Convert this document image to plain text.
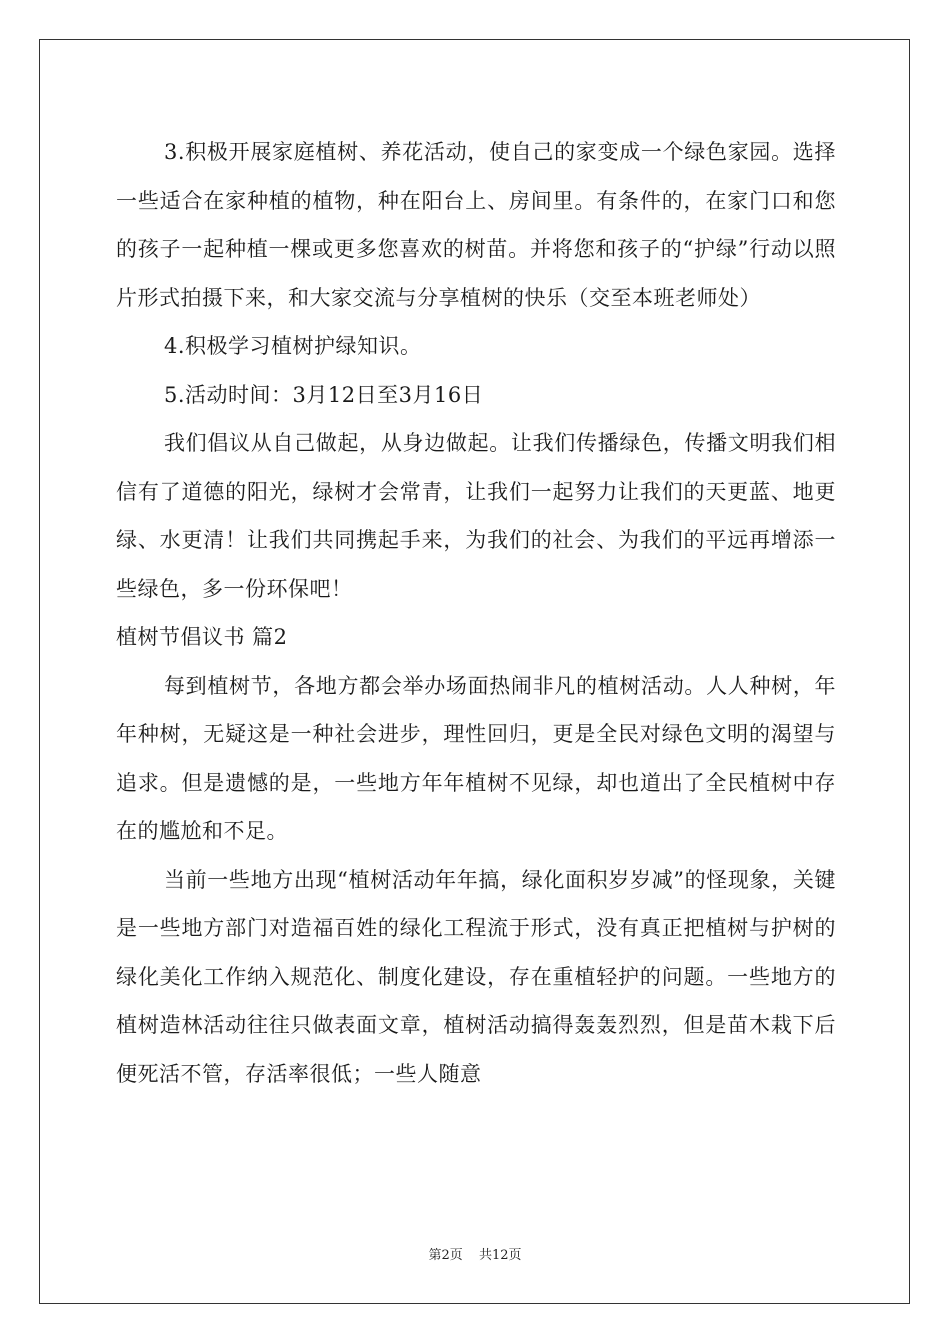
3.积极开展家庭植树、养花活动，使自己的家变成一个绿色家园。选择一些适合在家种植的植物，种在阳台上、房间里。有条件的，在家门口和您的孩子一起种植一棵或更多您喜欢的树苗。并将您和孩子的“护绿”行动以照片形式拍摄下来，和大家交流与分享植树的快乐（交至本班老师处）

4.积极学习植树护绿知识。

5.活动时间：3月12日至3月16日

我们倡议从自己做起，从身边做起。让我们传播绿色，传播文明我们相信有了道德的阳光，绿树才会常青，让我们一起努力让我们的天更蓝、地更绿、水更清！让我们共同携起手来，为我们的社会、为我们的平远再增添一些绿色，多一份环保吧！

植树节倡议书 篇2

每到植树节，各地方都会举办场面热闹非凡的植树活动。人人种树，年年种树，无疑这是一种社会进步，理性回归，更是全民对绿色文明的渴望与追求。但是遗憾的是，一些地方年年植树不见绿，却也道出了全民植树中存在的尴尬和不足。

当前一些地方出现“植树活动年年搞，绿化面积岁岁减”的怪现象，关键是一些地方部门对造福百姓的绿化工程流于形式，没有真正把植树与护树的绿化美化工作纳入规范化、制度化建设，存在重植轻护的问题。一些地方的植树造林活动往往只做表面文章，植树活动搞得轰轰烈烈，但是苗木栽下后便死活不管，存活率很低；一些人随意

第2页 共12页
